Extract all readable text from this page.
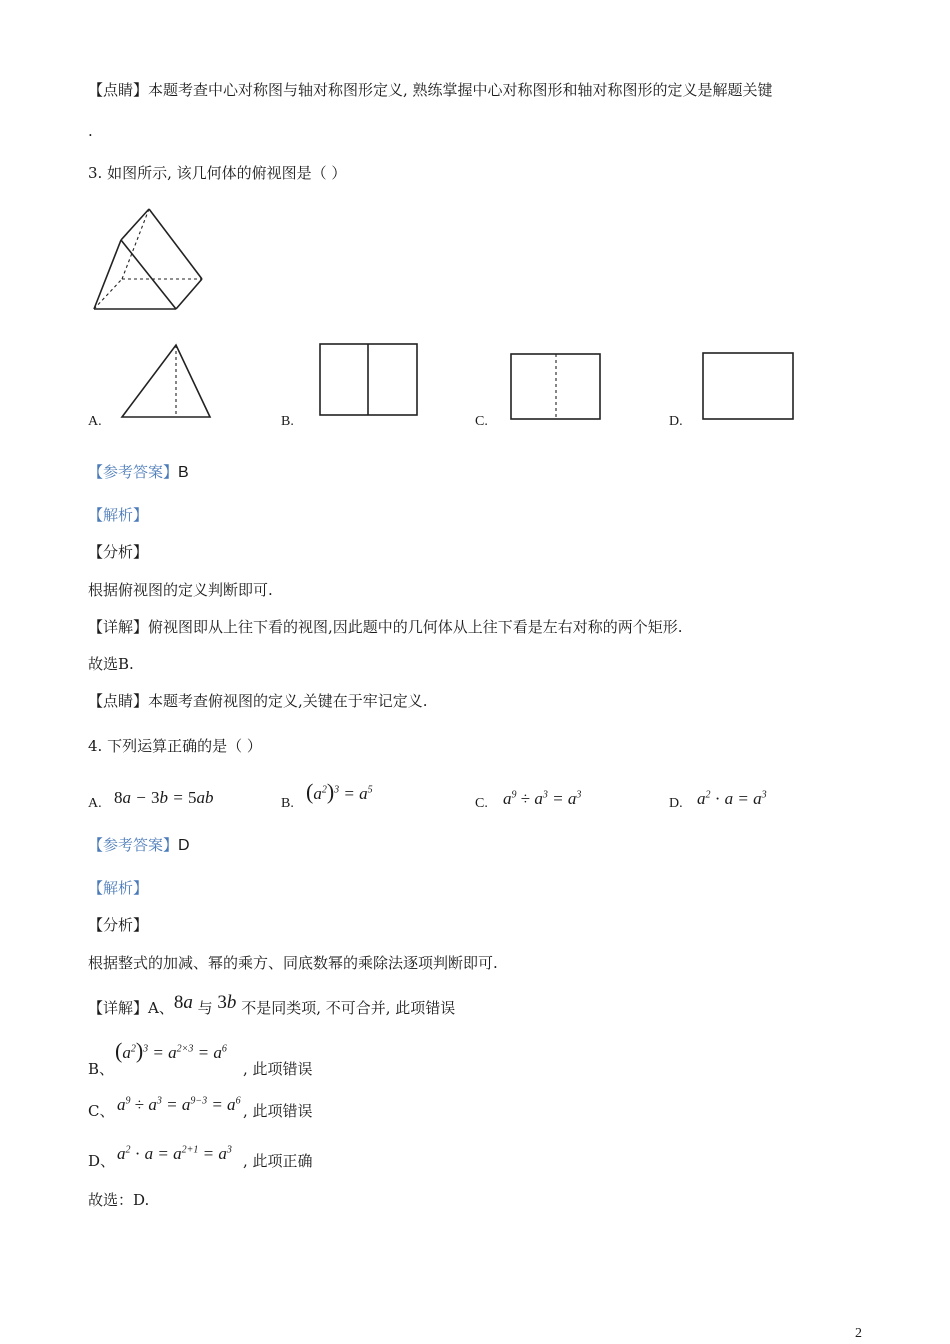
【点睛】本题考查中心对称图与轴对称图形定义, 熟练掌握中心对称图形和轴对称图形的定义是解题关键
.
3. 如图所示, 该几何体的俯视图是（ ）
A.	B.	C.	D.
【参考答案】B
【解析】
【分析】
根据俯视图的定义判断即可.
【详解】俯视图即从上往下看的视图,因此题中的几何体从上往下看是左右对称的两个矩形.
故选B.
【点睛】本题考查俯视图的定义,关键在于牢记定义.
4. 下列运算正确的是（ ）
A. 8a − 3b = 5ab	B. $(a^2)^3 = a^5$
C. $a^9 \div a^3 = a^3$
D. $a^2 \cdot a = a^3$
【参考答案】D
【解析】
【分析】
根据整式的加减、幂的乘方、同底数幂的乘除法逐项判断即可.
【详解】A、8a 与 3b 不是同类项, 不可合并, 此项错误
B、
$(a^2)^3 = a^{2\times 3} = a^6$
, 此项错误
C、 $a^9 \div a^3 = a^{9-3} = a^6$
, 此项错误
D、 $a^2 \cdot a = a^{2+1} = a^3$
, 此项正确
故选：D.
2
